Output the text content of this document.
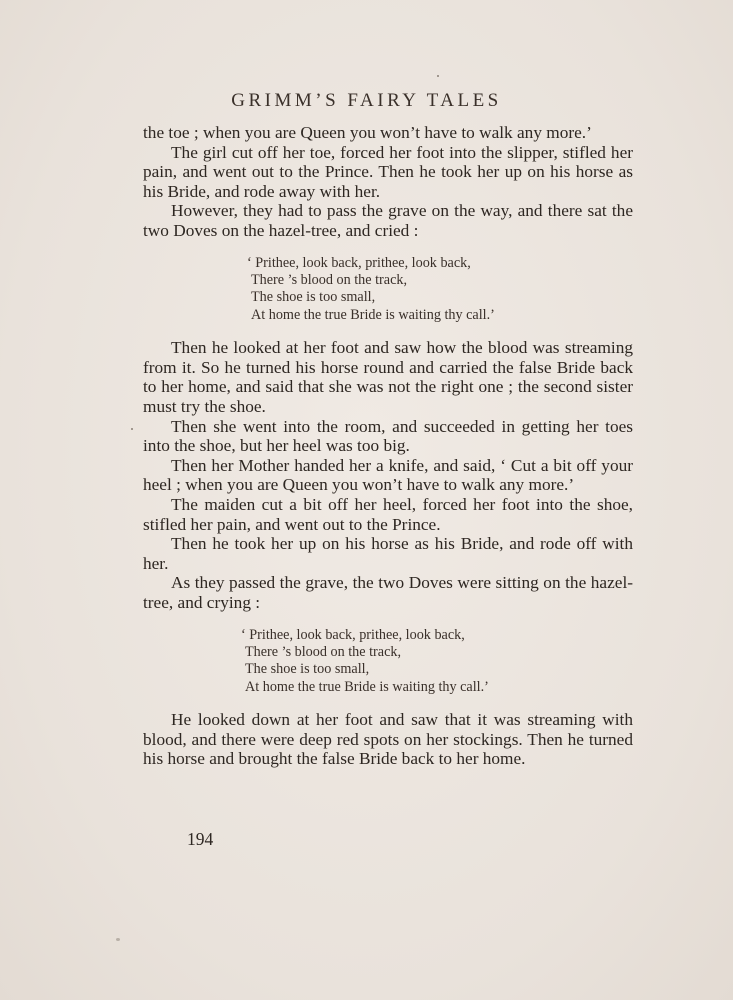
GRIMM’S FAIRY TALES

the toe ; when you are Queen you won’t have to walk any more.’

The girl cut off her toe, forced her foot into the slipper, stifled her pain, and went out to the Prince. Then he took her up on his horse as his Bride, and rode away with her.

However, they had to pass the grave on the way, and there sat the two Doves on the hazel-tree, and cried :

‘ Prithee, look back, prithee, look back,
There ’s blood on the track,
The shoe is too small,
At home the true Bride is waiting thy call.’

Then he looked at her foot and saw how the blood was streaming from it. So he turned his horse round and carried the false Bride back to her home, and said that she was not the right one ; the second sister must try the shoe.

Then she went into the room, and succeeded in getting her toes into the shoe, but her heel was too big.

Then her Mother handed her a knife, and said, ‘ Cut a bit off your heel ; when you are Queen you won’t have to walk any more.’

The maiden cut a bit off her heel, forced her foot into the shoe, stifled her pain, and went out to the Prince.

Then he took her up on his horse as his Bride, and rode off with her.

As they passed the grave, the two Doves were sitting on the hazel-tree, and crying :

‘ Prithee, look back, prithee, look back,
There ’s blood on the track,
The shoe is too small,
At home the true Bride is waiting thy call.’

He looked down at her foot and saw that it was streaming with blood, and there were deep red spots on her stockings. Then he turned his horse and brought the false Bride back to her home.

194
